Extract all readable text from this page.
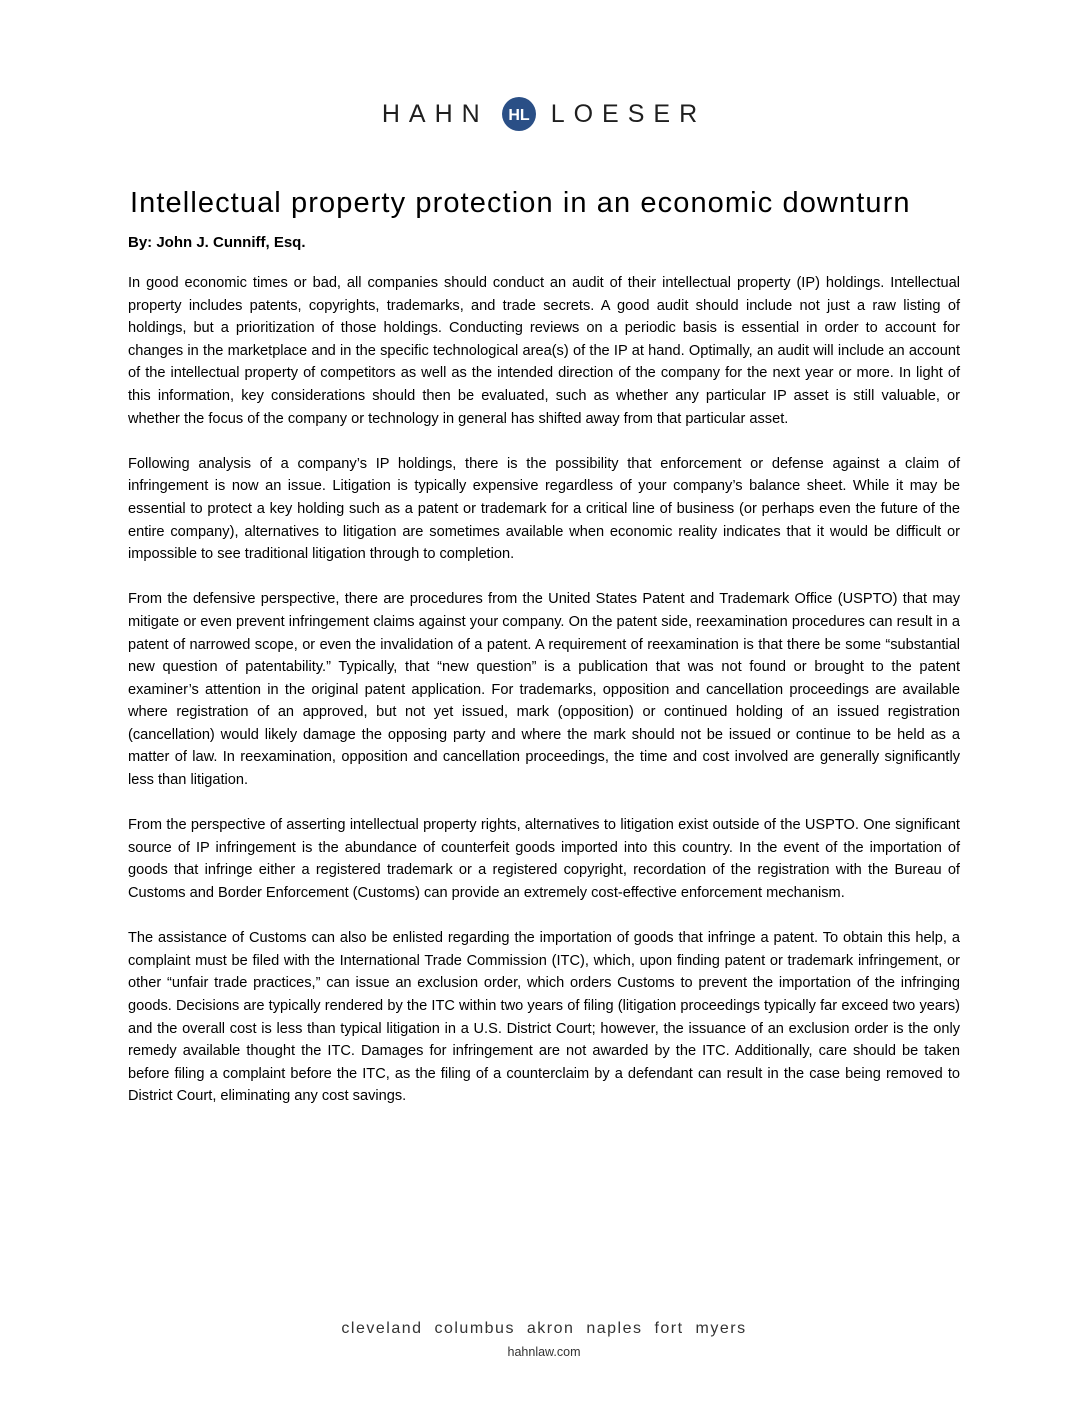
HAHN HL LOESER
Intellectual property protection in an economic downturn
By: John J. Cunniff, Esq.

In good economic times or bad, all companies should conduct an audit of their intellectual property (IP) holdings. Intellectual property includes patents, copyrights, trademarks, and trade secrets. A good audit should include not just a raw listing of holdings, but a prioritization of those holdings. Conducting reviews on a periodic basis is essential in order to account for changes in the marketplace and in the specific technological area(s) of the IP at hand. Optimally, an audit will include an account of the intellectual property of competitors as well as the intended direction of the company for the next year or more. In light of this information, key considerations should then be evaluated, such as whether any particular IP asset is still valuable, or whether the focus of the company or technology in general has shifted away from that particular asset.

Following analysis of a company’s IP holdings, there is the possibility that enforcement or defense against a claim of infringement is now an issue. Litigation is typically expensive regardless of your company’s balance sheet. While it may be essential to protect a key holding such as a patent or trademark for a critical line of business (or perhaps even the future of the entire company), alternatives to litigation are sometimes available when economic reality indicates that it would be difficult or impossible to see traditional litigation through to completion.

From the defensive perspective, there are procedures from the United States Patent and Trademark Office (USPTO) that may mitigate or even prevent infringement claims against your company. On the patent side, reexamination procedures can result in a patent of narrowed scope, or even the invalidation of a patent. A requirement of reexamination is that there be some “substantial new question of patentability.” Typically, that “new question” is a publication that was not found or brought to the patent examiner’s attention in the original patent application. For trademarks, opposition and cancellation proceedings are available where registration of an approved, but not yet issued, mark (opposition) or continued holding of an issued registration (cancellation) would likely damage the opposing party and where the mark should not be issued or continue to be held as a matter of law. In reexamination, opposition and cancellation proceedings, the time and cost involved are generally significantly less than litigation.

From the perspective of asserting intellectual property rights, alternatives to litigation exist outside of the USPTO. One significant source of IP infringement is the abundance of counterfeit goods imported into this country. In the event of the importation of goods that infringe either a registered trademark or a registered copyright, recordation of the registration with the Bureau of Customs and Border Enforcement (Customs) can provide an extremely cost-effective enforcement mechanism.

The assistance of Customs can also be enlisted regarding the importation of goods that infringe a patent. To obtain this help, a complaint must be filed with the International Trade Commission (ITC), which, upon finding patent or trademark infringement, or other “unfair trade practices,” can issue an exclusion order, which orders Customs to prevent the importation of the infringing goods. Decisions are typically rendered by the ITC within two years of filing (litigation proceedings typically far exceed two years) and the overall cost is less than typical litigation in a U.S. District Court; however, the issuance of an exclusion order is the only remedy available thought the ITC. Damages for infringement are not awarded by the ITC. Additionally, care should be taken before filing a complaint before the ITC, as the filing of a counterclaim by a defendant can result in the case being removed to District Court, eliminating any cost savings.

cleveland columbus akron naples fort myers
hahnlaw.com
